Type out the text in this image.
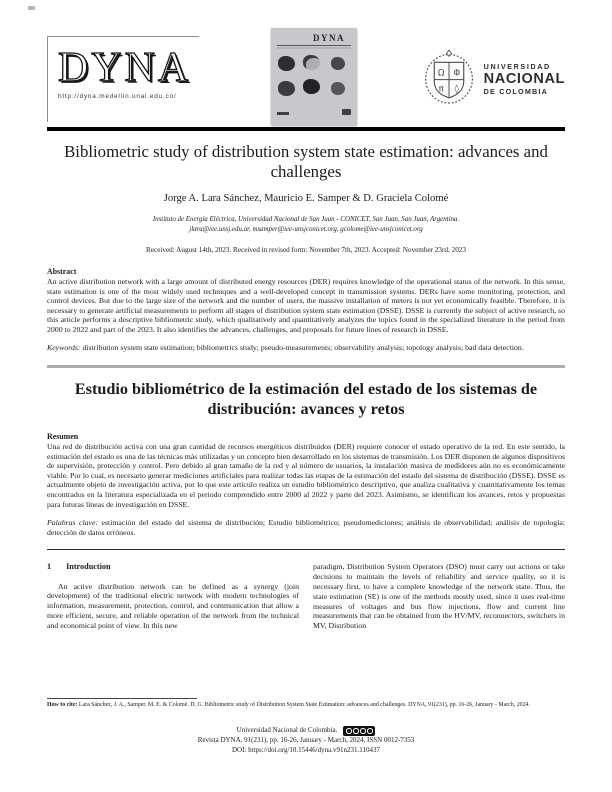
DYNA
http://dyna.medellin.unal.edu.co/
DYNA
Ω Φ
π ◊
UNIVERSIDAD
NACIONAL
DE COLOMBIA
Bibliometric study of distribution system state estimation: advances and challenges
Jorge A. Lara Sánchez, Mauricio E. Samper & D. Graciela Colomé
Instituto de Energía Eléctrica, Universidad Nacional de San Juan - CONICET, San Juan, San Juan, Argentina.
jlara@iee.unsj.edu.ar, msamper@iee-unsjconicet.org, gcolome@iee-unsjconicet.org
Received: August 14th, 2023. Received in revised form: November 7th, 2023. Accepted: November 23rd, 2023
Abstract
An active distribution network with a large amount of distributed energy resources (DER) requires knowledge of the operational status of the network. In this sense, state estimation is one of the most widely used techniques and a well-developed concept in transmission systems. DERs have some monitoring, protection, and control devices. But due to the large size of the network and the number of users, the massive installation of meters is not yet economically feasible. Therefore, it is necessary to generate artificial measurements to perform all stages of distribution system state estimation (DSSE). DSSE is currently the subject of active research, so this article performs a descriptive bibliometric study, which qualitatively and quantitatively analyzes the topics found in the specialized literature in the period from 2000 to 2022 and part of the 2023. It also identifies the advances, challenges, and proposals for future lines of research in DSSE.
Keywords: distribution system state estimation; bibliometrics study; pseudo-measurements; observability analysis; topology analysis; bad data detection.
Estudio bibliométrico de la estimación del estado de los sistemas de distribución: avances y retos
Resumen
Una red de distribución activa con una gran cantidad de recursos energéticos distribuidos (DER) requiere conocer el estado operativo de la red. En este sentido, la estimación del estado es una de las técnicas más utilizadas y un concepto bien desarrollado en los sistemas de transmisión. Los DER disponen de algunos dispositivos de supervisión, protección y control. Pero debido al gran tamaño de la red y al número de usuarios, la instalación masiva de medidores aún no es económicamente viable. Por lo cual, es necesario generar mediciones artificiales para realizar todas las etapas de la estimación del estado del sistema de distribución (DSSE). DSSE es actualmente objeto de investigación activa, por lo que este artículo realiza un estudio bibliométrico descriptivo, que analiza cualitativa y cuantitativamente los temas encontrados en la literatura especializada en el periodo comprendido entre 2000 al 2022 y parte del 2023. Asimismo, se identifican los avances, retos y propuestas para futuras líneas de investigación en DSSE.
Palabras clave: estimación del estado del sistema de distribución; Estudio bibliométrico; pseudomediciones; análisis de observabilidad; análisis de topología; detección de datos erróneos.
1 Introduction

An active distribution network can be defined as a synergy (join development) of the traditional electric network with modern technologies of information, measurement, protection, control, and communication that allow a more efficient, secure, and reliable operation of the network from the technical and economical point of view. In this new

paradigm, Distribution System Operators (DSO) must carry out actions or take decisions to maintain the levels of reliability and service quality, so it is necessary first, to have a complete knowledge of the network state. Thus, the state estimation (SE) is one of the methods mostly used, since it uses real-time measures of voltages and bus flow injections, flow and current line measurements that can be obtained from the HV/MV, reconnectors, switchers in MV, Distribution

How to cite: Lara Sánchez, J. A., Samper. M. E. & Colomé. D. G. Bibliometric study of Distribution System State Estimation: advances and challenges. DYNA, 91(231), pp. 16-26, January - March, 2024.
Universidad Nacional de Colombia.
Revista DYNA, 91(231), pp. 16-26, January - March, 2024, ISSN 0012-7353
DOI: https://doi.org/10.15446/dyna.v91n231.110437
